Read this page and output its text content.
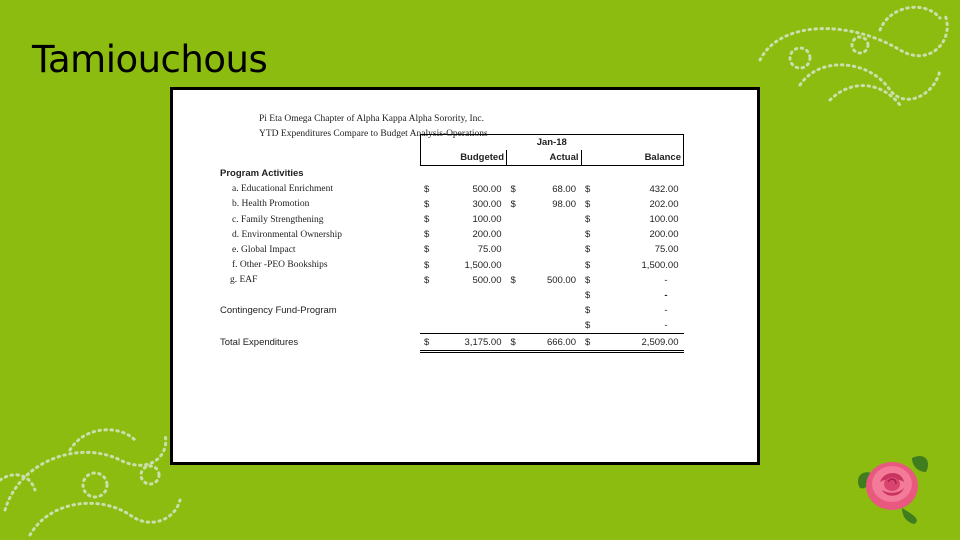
Tamiouchous
Pi Eta Omega Chapter of Alpha Kappa Alpha Sorority, Inc.
YTD Expenditures Compare to Budget Analysis-Operations
	Jan-18					
		Budgeted		Actual		Balance
Program Activities						
a. Educational Enrichment	$	500.00	$	68.00	$	432.00
b. Health Promotion	$	300.00	$	98.00	$	202.00
c. Family Strengthening	$	100.00			$	100.00
d. Environmental Ownership	$	200.00			$	200.00
e. Global Impact	$	75.00			$	75.00
f. Other -PEO Bookships	$	1,500.00			$	1,500.00
g. EAF	$	500.00	$	500.00	$	-
					$	-
Contingency Fund-Program					$	-
					$	-
Total Expenditures	$	3,175.00	$	666.00	$	2,509.00
